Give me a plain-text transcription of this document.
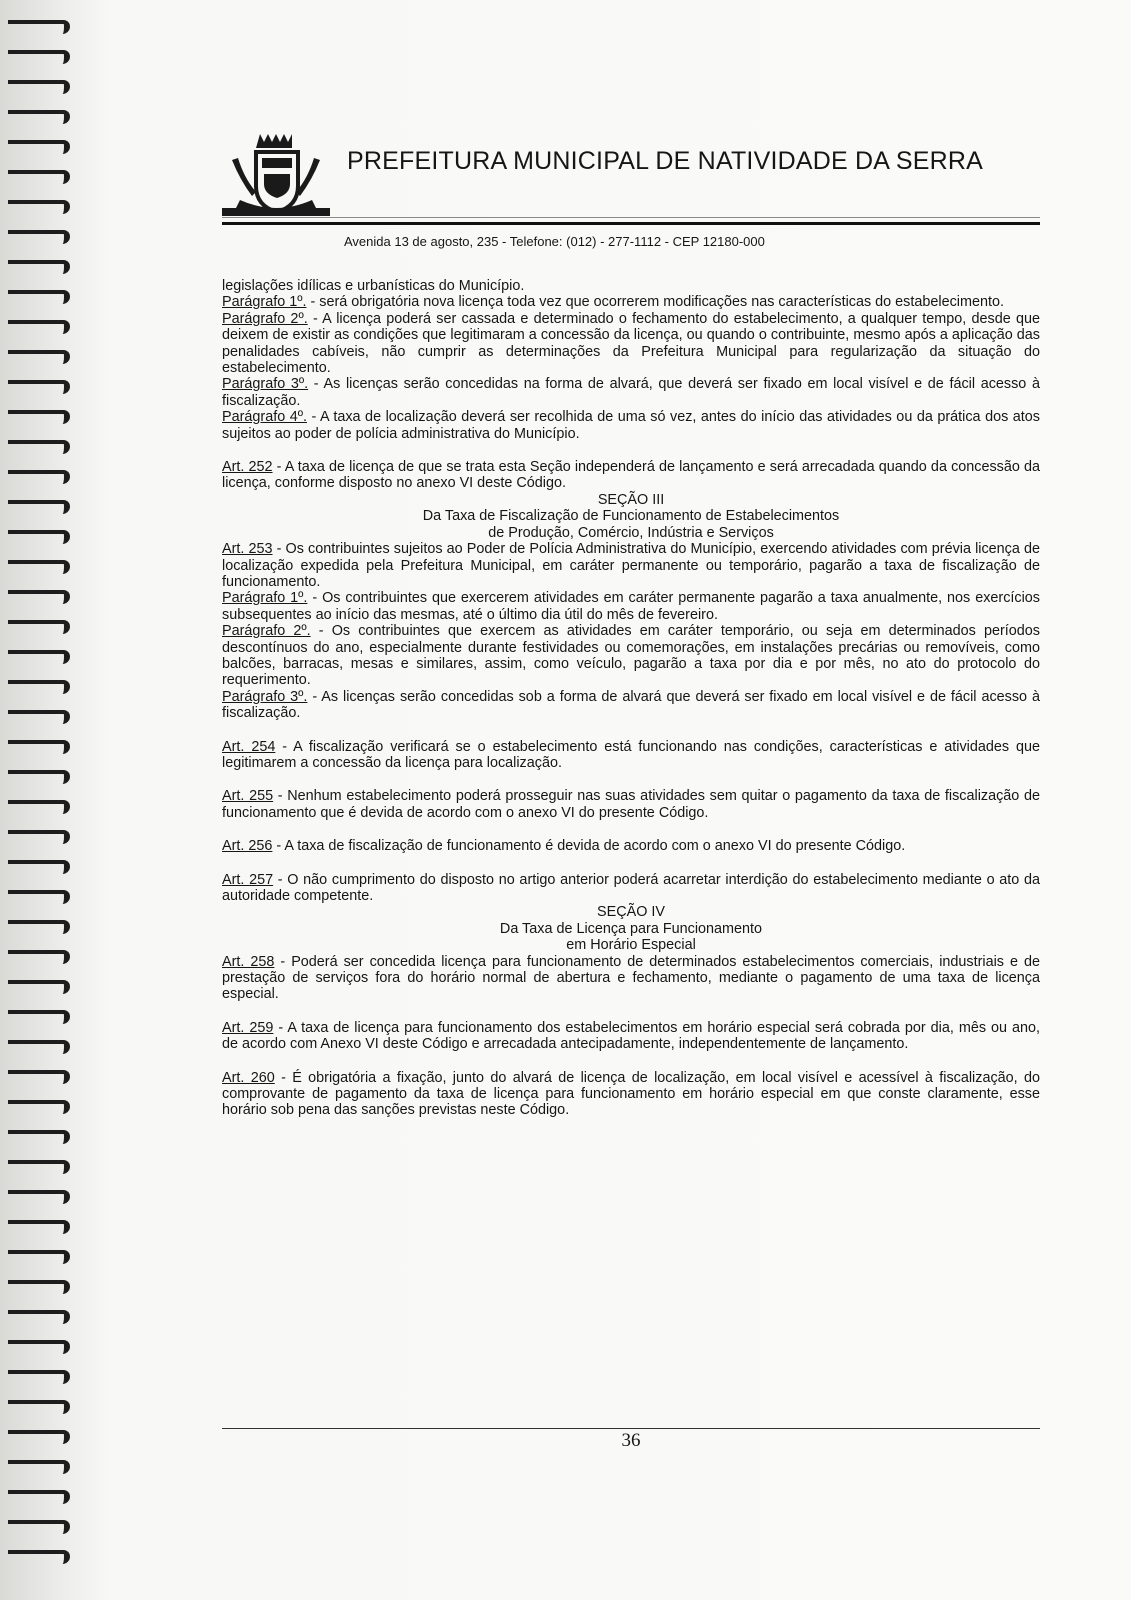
PREFEITURA MUNICIPAL DE NATIVIDADE DA SERRA
Avenida 13 de agosto, 235 - Telefone: (012) - 277-1112 - CEP 12180-000

legislações idílicas e urbanísticas do Município.

Parágrafo 1º. - será obrigatória nova licença toda vez que ocorrerem modificações nas características do estabelecimento.

Parágrafo 2º. - A licença poderá ser cassada e determinado o fechamento do estabelecimento, a qualquer tempo, desde que deixem de existir as condições que legitimaram a concessão da licença, ou quando o contribuinte, mesmo após a aplicação das penalidades cabíveis, não cumprir as determinações da Prefeitura Municipal para regularização da situação do estabelecimento.

Parágrafo 3º. - As licenças serão concedidas na forma de alvará, que deverá ser fixado em local visível e de fácil acesso à fiscalização.

Parágrafo 4º. - A taxa de localização deverá ser recolhida de uma só vez, antes do início das atividades ou da prática dos atos sujeitos ao poder de polícia administrativa do Município.

Art. 252 - A taxa de licença de que se trata esta Seção independerá de lançamento e será arrecadada quando da concessão da licença, conforme disposto no anexo VI deste Código.

SEÇÃO III

Da Taxa de Fiscalização de Funcionamento de Estabelecimentos

de Produção, Comércio, Indústria e Serviços

Art. 253 - Os contribuintes sujeitos ao Poder de Polícia Administrativa do Município, exercendo atividades com prévia licença de localização expedida pela Prefeitura Municipal, em caráter permanente ou temporário, pagarão a taxa de fiscalização de funcionamento.

Parágrafo 1º. - Os contribuintes que exercerem atividades em caráter permanente pagarão a taxa anualmente, nos exercícios subsequentes ao início das mesmas, até o último dia útil do mês de fevereiro.

Parágrafo 2º. - Os contribuintes que exercem as atividades em caráter temporário, ou seja em determinados períodos descontínuos do ano, especialmente durante festividades ou comemorações, em instalações precárias ou removíveis, como balcões, barracas, mesas e similares, assim, como veículo, pagarão a taxa por dia e por mês, no ato do protocolo do requerimento.

Parágrafo 3º. - As licenças serão concedidas sob a forma de alvará que deverá ser fixado em local visível e de fácil acesso à fiscalização.

Art. 254 - A fiscalização verificará se o estabelecimento está funcionando nas condições, características e atividades que legitimarem a concessão da licença para localização.

Art. 255 - Nenhum estabelecimento poderá prosseguir nas suas atividades sem quitar o pagamento da taxa de fiscalização de funcionamento que é devida de acordo com o anexo VI do presente Código.

Art. 256 - A taxa de fiscalização de funcionamento é devida de acordo com o anexo VI do presente Código.

Art. 257 - O não cumprimento do disposto no artigo anterior poderá acarretar interdição do estabelecimento mediante o ato da autoridade competente.

SEÇÃO IV

Da Taxa de Licença para Funcionamento

em Horário Especial

Art. 258 - Poderá ser concedida licença para funcionamento de determinados estabelecimentos comerciais, industriais e de prestação de serviços fora do horário normal de abertura e fechamento, mediante o pagamento de uma taxa de licença especial.

Art. 259 - A taxa de licença para funcionamento dos estabelecimentos em horário especial será cobrada por dia, mês ou ano, de acordo com Anexo VI deste Código e arrecadada antecipadamente, independentemente de lançamento.

Art. 260 - É obrigatória a fixação, junto do alvará de licença de localização, em local visível e acessível à fiscalização, do comprovante de pagamento da taxa de licença para funcionamento em horário especial em que conste claramente, esse horário sob pena das sanções previstas neste Código.

36
